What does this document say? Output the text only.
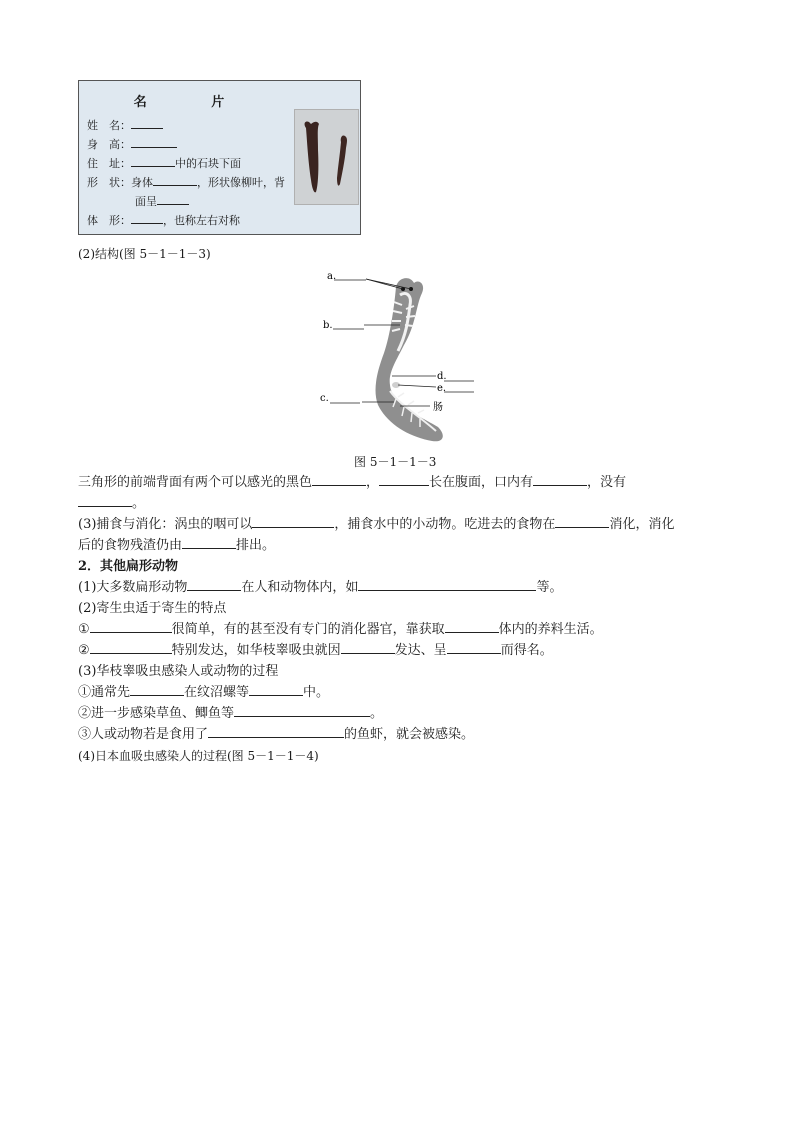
名 片
姓　名：
身　高：
住　址：	中的石块下面
形　状：身体	，形状像柳叶，背
面呈
体　形：	，也称左右对称
(2)结构(图 5－1－1－3)
a.
b.
d.
e.
c.
肠
图 5－1－1－3
三角形的前端背面有两个可以感光的黑色	，	长在腹面，口内有	，没有
。
(3)捕食与消化：涡虫的咽可以	，捕食水中的小动物。吃进去的食物在	消化，消化
后的食物残渣仍由	排出。
2．其他扁形动物
(1)大多数扁形动物	在人和动物体内，如	等。
(2)寄生虫适于寄生的特点
①	很简单，有的甚至没有专门的消化器官，靠获取	体内的养料生活。
②	特别发达，如华枝睾吸虫就因	发达、呈	而得名。
(3)华枝睾吸虫感染人或动物的过程
①通常先	在纹沼螺等	中。
②进一步感染草鱼、鲫鱼等	。
③人或动物若是食用了	的鱼虾，就会被感染。
(4)日本血吸虫感染人的过程(图 5－1－1－4)
